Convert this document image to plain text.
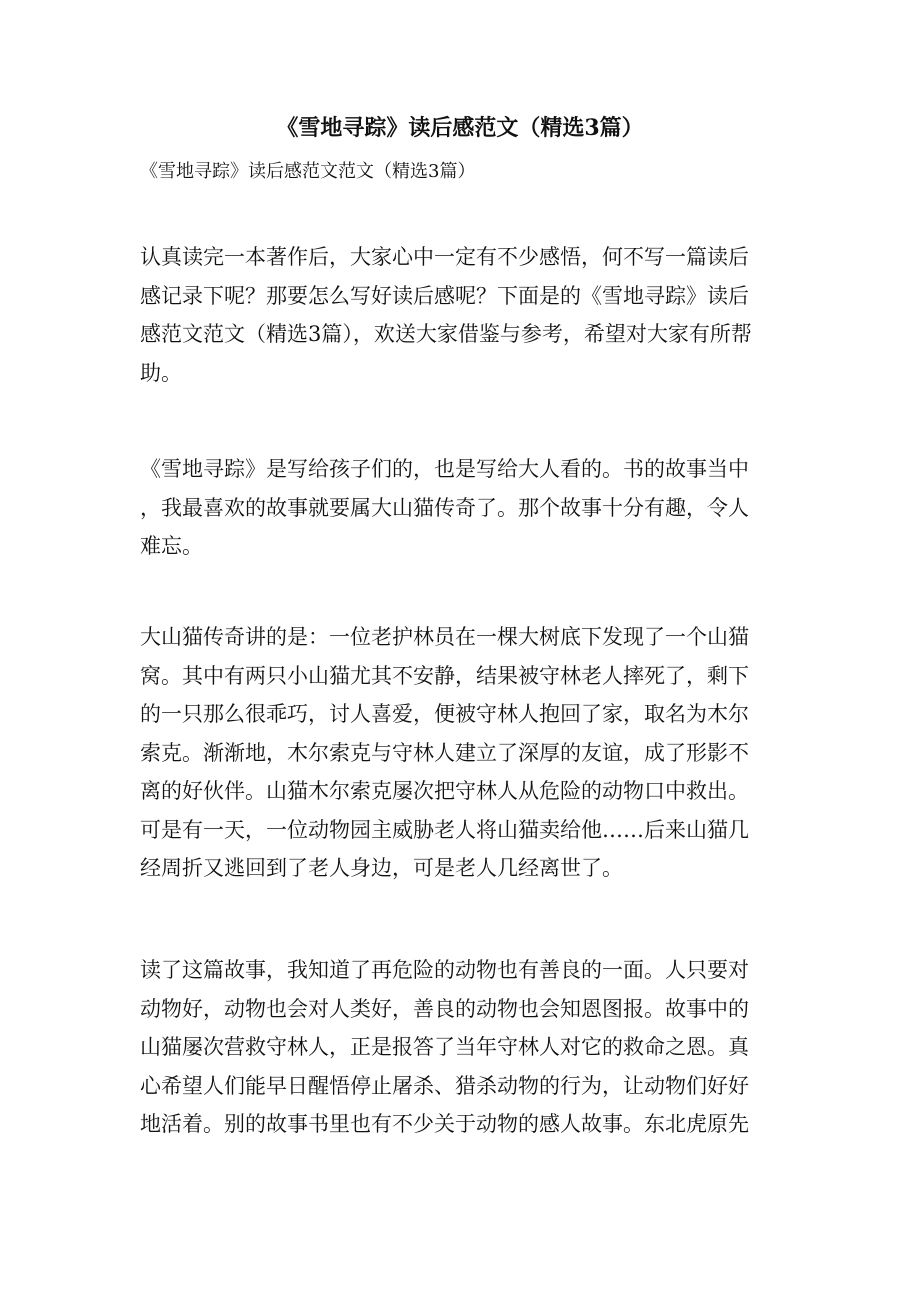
《雪地寻踪》读后感范文（精选3篇）
《雪地寻踪》读后感范文范文（精选3篇）

认真读完一本著作后，大家心中一定有不少感悟，何不写一篇读后
感记录下呢？那要怎么写好读后感呢？下面是的《雪地寻踪》读后
感范文范文（精选3篇），欢送大家借鉴与参考，希望对大家有所帮
助。

《雪地寻踪》是写给孩子们的，也是写给大人看的。书的故事当中
，我最喜欢的故事就要属大山猫传奇了。那个故事十分有趣，令人
难忘。

大山猫传奇讲的是：一位老护林员在一棵大树底下发现了一个山猫
窝。其中有两只小山猫尤其不安静，结果被守林老人摔死了，剩下
的一只那么很乖巧，讨人喜爱，便被守林人抱回了家，取名为木尔
索克。渐渐地，木尔索克与守林人建立了深厚的友谊，成了形影不
离的好伙伴。山猫木尔索克屡次把守林人从危险的动物口中救出。
可是有一天，一位动物园主威胁老人将山猫卖给他……后来山猫几
经周折又逃回到了老人身边，可是老人几经离世了。

读了这篇故事，我知道了再危险的动物也有善良的一面。人只要对
动物好，动物也会对人类好，善良的动物也会知恩图报。故事中的
山猫屡次营救守林人，正是报答了当年守林人对它的救命之恩。真
心希望人们能早日醒悟停止屠杀、猎杀动物的行为，让动物们好好
地活着。别的故事书里也有不少关于动物的感人故事。东北虎原先
